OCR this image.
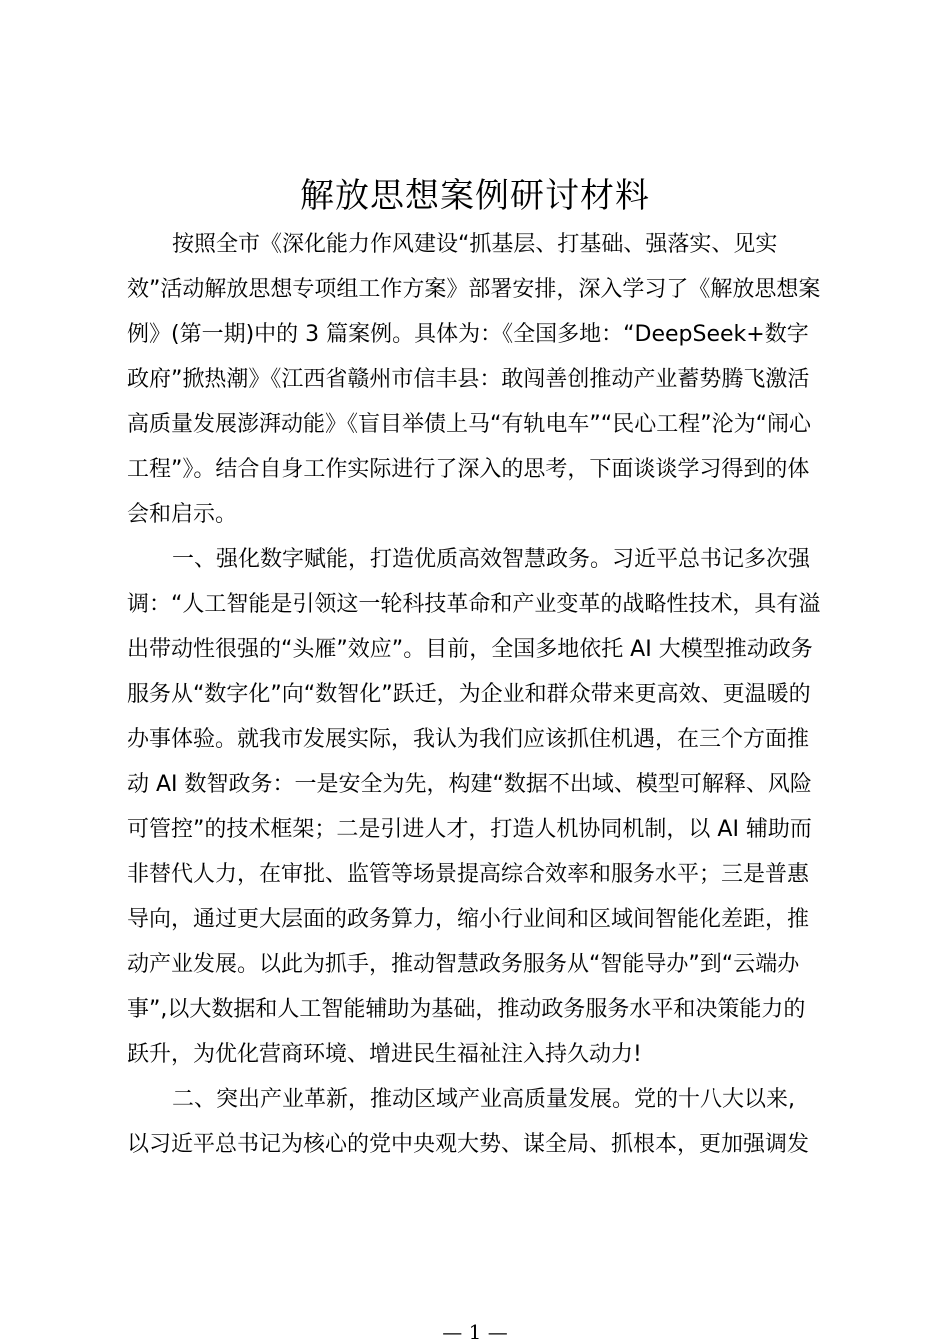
解放思想案例研讨材料

按照全市《深化能力作风建设“抓基层、打基础、强落实、见实

效”活动解放思想专项组工作方案》部署安排，深入学习了《解放思想案

例》(第一期)中的 3 篇案例。具体为：《全国多地：“DeepSeek+数字

政府”掀热潮》《江西省赣州市信丰县：敢闯善创推动产业蓄势腾飞激活

高质量发展澎湃动能》《盲目举债上马“有轨电车”“民心工程”沦为“闹心

工程”》。结合自身工作实际进行了深入的思考，下面谈谈学习得到的体

会和启示。

一、强化数字赋能，打造优质高效智慧政务。习近平总书记多次强

调：“人工智能是引领这一轮科技革命和产业变革的战略性技术，具有溢

出带动性很强的“头雁”效应”。目前，全国多地依托 AI 大模型推动政务

服务从“数字化”向“数智化”跃迁，为企业和群众带来更高效、更温暖的

办事体验。就我市发展实际，我认为我们应该抓住机遇，在三个方面推

动 AI 数智政务：一是安全为先，构建“数据不出域、模型可解释、风险

可管控”的技术框架；二是引进人才，打造人机协同机制，以 AI 辅助而

非替代人力，在审批、监管等场景提高综合效率和服务水平；三是普惠

导向，通过更大层面的政务算力，缩小行业间和区域间智能化差距，推

动产业发展。以此为抓手，推动智慧政务服务从“智能导办”到“云端办

事”,以大数据和人工智能辅助为基础，推动政务服务水平和决策能力的

跃升，为优化营商环境、增进民生福祉注入持久动力!

二、突出产业革新，推动区域产业高质量发展。党的十八大以来,

以习近平总书记为核心的党中央观大势、谋全局、抓根本，更加强调发

— 1 —
